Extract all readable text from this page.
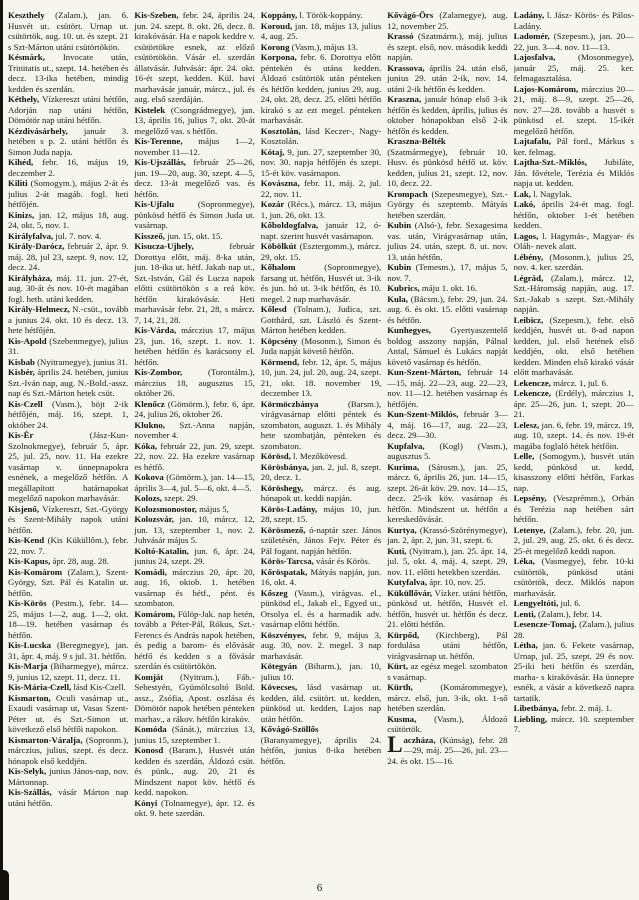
Keszthely (Zalam.), jan. 6. Husvét ut. csütört. Urnap ut. csütörtök, aug. 10. ut. és szept. 21 s Szt-Márton utáni csütörtökön.

Késmárk, Invocate után, Trinitatis ut., szept. 14. hetében és decz. 13-ika hetében, mindig kedden és szerdán.

Kéthely, Vízkereszt utáni hétfőn, Adorján nap utáni hétfőn, Dömötör nap utáni hétfőn.

Kézdivásárhely, január 3. hetében s p. 2. utáni hétfőn és Simon Juda napja.

Kihéd, febr. 16, május 19, deczember 2.

Kiliti (Somogym.), május 2-át és julius 2-át magáb. fogl. heti hétfőjén.

Kinizs, jan. 12, május 18, aug. 24, okt. 5, nov. 1.

Királyfalva, jul. 7. nov. 4.

Király-Darócz, február 2, ápr. 9. máj. 28, jul 23, szept. 9, nov. 12, decz. 24.

Királyháza, máj. 11. jun. 27-ét, aug. 30-át és nov. 10-ét magában fogl. hetb. utáni kedden.

Király-Helmecz, N.-csüt., tovább a junius 24. okt. 10 és decz. 13. hete hétfőjén.

Kis-Apold (Szebenmegye), julius 31.

Kisbab (Nyitramegye), junius 31.

Kisbér, április 24. hetében, junius Szt.-Iván nap, aug. N.-Bold.-assz. nap és Szt.-Márton hetek csüt.

Kis-Czell (Vasm.), böjt 2-ik hétfőjén, máj. 16, szept. 1, október 24.

Kis-Ér (Jász-Kun-Szolnokmegye), február 5, ápr. 25, jul. 25, nov. 11. Ha ezekre vasárnap v. ünnepnapokra esnének, a megelőző hétfőn. A megállapított határnapokat megelőző napokon marhavásár.

Kisjenő, Vízkereszt, Szt.-György és Szent-Mihály napok utáni hétfőn.

Kis-Kend (Kis Küküllőm.), febr. 22, nov. 7.

Kis-Kapus, ápr. 28, aug. 28.

Kis-Komárom (Zalam.), Szent-György, Szt. Pál és Katalin ut. hétfőn.

Kis-Körös (Pestm.), febr. 14—25, május 1—2, aug. 1—2, okt. 18—19. hetében vasárnap és hétfőn.

Kis-Lucska (Beregmegye), jan. 31, ápr. 4, máj. 9 s jul. 31. hétfőn.

Kis-Marja (Biharmegye), márcz. 9, junius 12, szept. 11, decz. 11.

Kis-Mária-Czell, lásd Kis-Czell.

Kismarton, Oculi vasárnap ut., Exaudi vasárnap ut, Vasas Szent-Péter ut. és Szt.-Simon ut. következő első hétfői napokon.

Kismarton-Váralja, (Sopronm.), márczius, julius, szept. és decz. hónapok első keddjén.

Kis-Selyk, junius János-nap, nov. Mártonnap.

Kis-Szállás, vásár Márton nap utáni hétfőn.

Kis-Szeben, febr. 24, április 24, jun. 24. szept. 8. okt. 26, decz. 8. kirakóvásár. Ha e napok keddre v. csütörtökre esnek, az előző csütörtökön. Vásár el. szerdán állatvásár. Juhvásár: ápr. 24. okt. 16-ét szept. kedden. Kül. havi marhavásár január, márcz., jul. és aug. első szerdáján.

Kistelek (Csongrádmegye), jan. 13, április 16, julius 7, okt. 20-át megelőző vas. s hétfőn.

Kis-Terenne, május 1—2, november 11—12.

Kis-Ujszállás, február 25—26, jun. 19—20, aug. 30, szept. 4—5, decz. 13-át megelőző vas. és hétfőn.

Kis-Ujfalu (Sopronmegye), pünkösd hétfő és Simon Juda ut. vasárnap.

Kisszeő, jun. 15, okt. 15.

Kisucza-Ujhely, február Dorottya előtt, máj. 8-ka után, jun. 18-ika ut. hétf. Jakab nap ut., Szt.-István, Gál és Lucza napok előtti csütörtökön s a reá köv. hétfőn kirakóvásár. Heti marhavásár febr. 21, 28, s márcz. 7, 14, 21, 28.

Kis-Várda, márczius 17, május 23, jun. 16, szept. 1. nov. 1. hetében hétfőn és karácsony el. hétfőn.

Kis-Zombor, (Torontálm.), márczius 18, augusztus 15, október 26.

Klenőcz (Gömörm.), febr. 6, ápr. 24, julius 26, oktober 26.

Klukno, Szt.-Anna napján, november 4.

Kóka, február 22, jun. 29, szept. 22, nov. 22. Ha ezekre vasárnap es hétfő.

Kokova (Gömörm.), jan. 14—15, április 3—4, jul. 5—6, okt. 4—5.

Kolozs, szept. 29.

Kolozsmonostor, május 5,

Kolozsvár, jan. 10, márcz. 12, jun. 13, szeptember 1, nov. 2. Juhvásár május 5.

Koltó-Katalin, jun. 6, ápr. 24, junius 24, szept. 29.

Komádi, márczius 20, ápr. 20, aug. 16, oktob. 1. hetében vasárnap és hétf., pént. és szombaton.

Komárom, Fülöp-Jak. nap hetén, tovább a Péter-Pál, Rókus, Szt.-Ferencs és András napok hetében, és pedig a barom- és elővásár hétfő és kedden s a fővásár szerdán és csütörtökön.

Komját (Nyitram.), Fáb.-Sebestyén, Gyümölcsoltó Bold. assz., Zsófia, Apost. oszlása és Dömötör napok hetében pénteken marhav., a rákov. hétfőn kirakóv.

Komóda (Sánát.), márczius 13, junius 15, szeptember 1.

Konosd (Baram.), Husvét után kedden és szerdán, Áldozó csüt. és pünk., aug. 20, 21 és Mindszent napot köv. hétfő és kedd. napokon.

Kónyi (Tolnamegye), ápr. 12. és okt. 9. hete szerdán.

Koppány, l. Török-koppány.

Koroud, jan. 18, május 13, julius 4, aug. 25.

Korong (Vasm.), május 13.

Korpona, febr. 6. Dorottya előtt péntekén és utána kedden. Áldozó csütörtök után pénteken és hétfőn kedden, junius 29, aug. 24, okt. 28, decz. 25. előtti hétfőn kirakó s az ezt megel. pénteken marhavásár.

Kosztolán, lásd Keczer-, Nagy-Kosztolán.

Kótaj, 9, jun. 27, szeptember 30, nov. 30. napja hétfőjén és szept. 15-ét köv. vasárnapon.

Kovászna, febr. 11, máj. 2, jul. 22, nov. 11.

Kozár (Récs.), márcz. 13, május 1, jun. 26, okt. 13.

Kőboldogfalva, január 12, ó-napt. szerint husvét vasárnapon.

Köbölkút (Esztergomm.), márcz. 29, okt. 15.

Kőhalom (Sopronmegye), farsang ut. hétfőn, Husvét ut. 3-ik és jun. hó ut. 3-ik hétfőn, és 10. megel. 2 nap marhavásár.

Kőlesd (Tolnam.), Judica, szt. Gotthárd, szt. László és Szent-Márton hetében kedden.

Köpcsény (Mosonm.), Simon és Juda napját követő hétfőn.

Körmend, febr. 12, ápr. 5, május 10, jun. 24, jul. 20, aug. 24, szept. 21, okt. 18. november 19, deczember 13.

Körmöczbánya (Barsm.), virágvasárnap előtti péntek és szombaton, auguszt. 1. és Mihály hete szombatján, pénteken és szombaton.

Körösd, l. Mezőkövesd.

Körösbánya, jan. 2, jul. 8, szept. 20, decz. 1.

Köröshegy, márcz. és aug. hónapok ut. keddi napján.

Körös-Ladány, május 10, jun. 28, szept. 15.

Körösmező, ó-naptár szer. János születésén, János Fejv. Péter és Pál fogant. napján hétfőn.

Körös-Tarcsa, vásár és Körös.

Kőröspatak, Mátyás napján, jun. 16, okt. 4.

Kőszeg (Vasm.), virágvas. el., pünkösd el., Jakab el., Egyed ut., Orsolya el. és a harmadik adv. vasárnap előtti hétfőn.

Köszvényes, febr. 9, május 3, aug. 30, nov. 2. megel. 3 nap marhavásár.

Kötegyán (Biharm.), jan. 10, julius 10.

Kövecses, lásd vasárnap ut. kedden, áld. csütört. ut. kedden, pünkösd ut. kedden, Lajos nap után hétfőn.

Kővágó-Szöllős (Baranyamegye), április 24. hétfőn, junius 8-ika hetében hétfőn.

Kővágó-Örs (Zalamegye), aug. 12, november 25.

Krassó (Szatmárm.), máj. julius és szept. első, nov. második keddi napján.

Krassova, április 24. után első, junius 29. után 2-ik, nov. 14. utáni 2-ik hétfőn és kedden.

Kraszna, január hónap első 3-ik hétfőn és kedden, április, julius és oktober hónapokban első 2-ik hétfőn és kedden.

Kraszna-Bélték (Szatmármegye), február 10. Husv. és pünkösd hétfő ut. köv. kedden, julius 21, szept. 12, nov. 10, decz. 22.

Krompach (Szepesmegye), Szt.-György és szeptemb. Mátyás hetében szerdán.

Kubin (Alsó-), febr. Sexagesima vas. után, Virágvasárnap után, julius 24. után, szept. 8. ut. nov. 13. után hétfőn.

Kubin (Temesm.), 17, május 5, nov. 7.

Kubrics, máju 1. okt. 16.

Kula, (Bácsm.), febr. 29, jun. 24. aug. 6. és okt. 15. előtti vasárnap és hétfőn.

Kunhegyes, Gyertyaszentelő boldog asszony napján, Pálnal Antal, Sámuel és Lukács napját követő vasárnap és hétfőn.

Kun-Szent-Márton, február 14—15, máj. 22—23, aug. 22—23, nov. 11—12. hetében vasárnap és hétfőjén.

Kun-Szent-Miklós, február 3—4, máj. 16—17, aug. 22—23, decz. 29—30.

Kupfalva, (Kogl) (Vasm.), augusztus 5.

Kurima, (Sárosm.), jan. 25, márcz. 6, április 26, jun. 14—15, szept. 26-át köv. 29. nov. 14—15, decz. 25-ik köv. vasárnap és hétfőn. Mindszent ut. hétfőn a kereskedővásár.

Kurtya, (Krassó-Szörénymegye), jan. 2, ápr. 2, jun. 31, szept. 6.

Kuti, (Nyitram.), jan. 25. ápr. 14, jul. 5, okt. 4, máj. 4, szept. 29, nov. 11. előtti hetekben szerdán.

Kutyfalva, ápr. 10, nov. 25.

Küküllővár, Vízker. utáni hétfőn, pünkösd ut. hétfőn, Husvét el. hétfőn, husvét ut. hétfőn és decz. 21. előtti hétfőn.

Kürpőd, (Kirchberg), Pál fordulása utáni hétfőn, virágvasárnap ut. hétfőn.

Kürt, az egész megel. szombaton s vasárnap.

Kürth, (Komárommegye), márcz. első, jun. 3-ik, okt. 1-ső hetében szerdán.

Kusma, (Vasm.), Áldozó csütörtök.

Laczháza, (Kúnság), febr. 28—29, máj. 25—26, jul. 23—24. és okt. 15—16.

Ladány, l. Jász- Körös- és Pálos-Ladány.

Ladomér, (Szepesm.), jan. 20—22, jun. 3—4. nov. 11—13.

Lajosfalva, (Mosonmegye), január 25, máj. 25. ker. felmagasztalása.

Lajos-Komárom, márczius 20—21, máj. 8—9, szept. 25—26, nov. 27—28. tovább a husvét s pünkösd el. szept. 15-ikét megelőző hétfőn.

Lajtafalu, Pál ford., Márkus s ker. felmag.

Lajtha-Szt.-Miklós, Jubiláte, Ján. fővétele, Terézia és Miklós napja ut. kedden.

Lak, l. Nagylak.

Lakó, április 24-ét mag. fogl. hétfőn, oktober 1-ét hetében kedden.

Lagos, l. Hagymás-, Magyar- és Oláh- nevek alatt.

Lébény, (Mosonm.), julius 25, nov. 4. ker. szerdán.

Légrád, (Zalam.), márcz. 12, Szt.-Háromság napján, aug. 17. Szt.-Jakab s szept. Szt.-Mihály napján.

Leibicz, (Szepesm.), febr. első keddjén, husvét ut. 8-ad napon kedden, jul. első hetének első keddjén, okt. első hetében kedden. Minden első kirakó vásár előtt marhavásár.

Lekencze, márcz. 1, jul. 6.

Lekencze, (Erdély), márczius 1, ápr. 25—26, jun. 1, szept. 20—21.

Lelesz, jan. 6, febr. 19, márcz. 19, aug. 10, szept. 14. és nov. 19-ét magába foglaló hétek hétfőin.

Lelle, (Somogym.), husvét után kedd, pünkösd ut. kedd, kisasszony előtti hétfőn, Farkas nap.

Lepsény, (Veszprémm.), Orbán és Terézia nap hetében sárt hétfőn.

Letenye, (Zalam.), febr. 20, jun. 2, jul. 29, aug. 25. okt. 6 és decz. 25-ét megelőző keddi napon.

Léka, (Vasmegye), febr. 10-ki csütörtök, pünkösd utáni csütörtök, decz. Miklós napon marhavásár.

Lengyeltóti, jul. 6.

Lenti, (Zalam.), febr. 14.

Lesencze-Tomaj, (Zalam.), julius 28.

Létha, jan. 6. Fekete vasárnap, Urnap, jul. 25, szept. 29 és nov. 25-iki heti hétfőn és szerdán, marha- s kirakóvásár. Ha ünnepre esnék, a vásár a következő napra tartatik.

Libetbánya, febr. 2. máj. 1.

Liebling, márcz. 10. szeptember 7.

6
